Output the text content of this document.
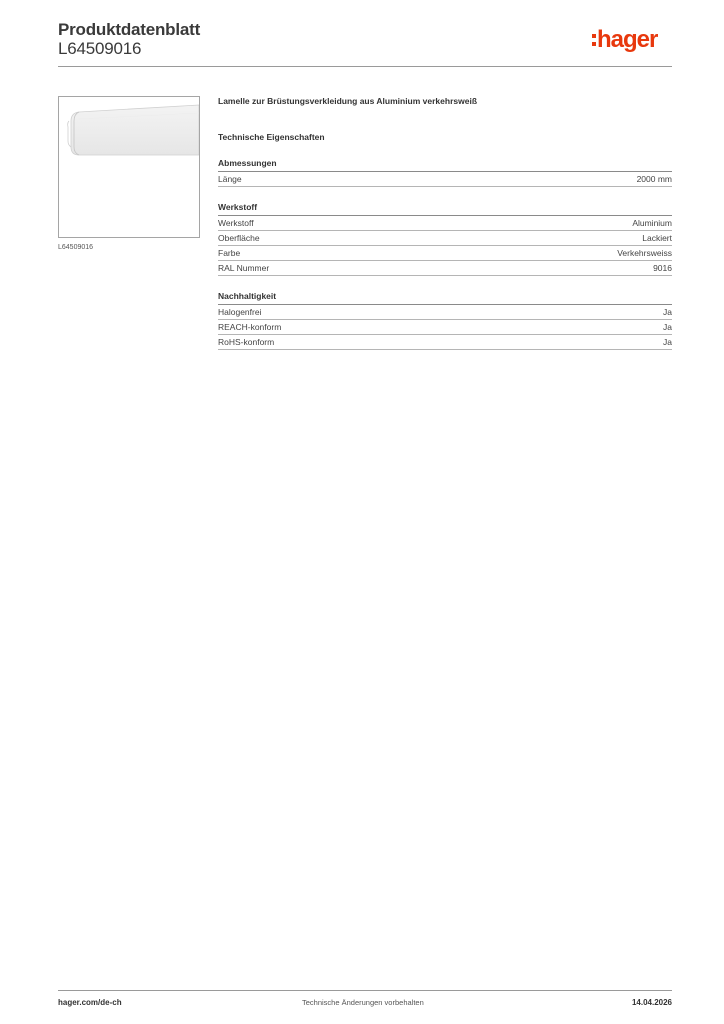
Produktdatenblatt
L64509016	hager
L64509016
Lamelle zur Brüstungsverkleidung aus Aluminium verkehrsweiß
Technische Eigenschaften
Abmessungen
Länge	2000 mm
Werkstoff
Werkstoff	Aluminium
Oberfläche	Lackiert
Farbe	Verkehrsweiss
RAL Nummer	9016
Nachhaltigkeit
Halogenfrei	Ja
REACH-konform	Ja
RoHS-konform	Ja
hager.com/de-ch	Technische Änderungen vorbehalten	14.04.2026
